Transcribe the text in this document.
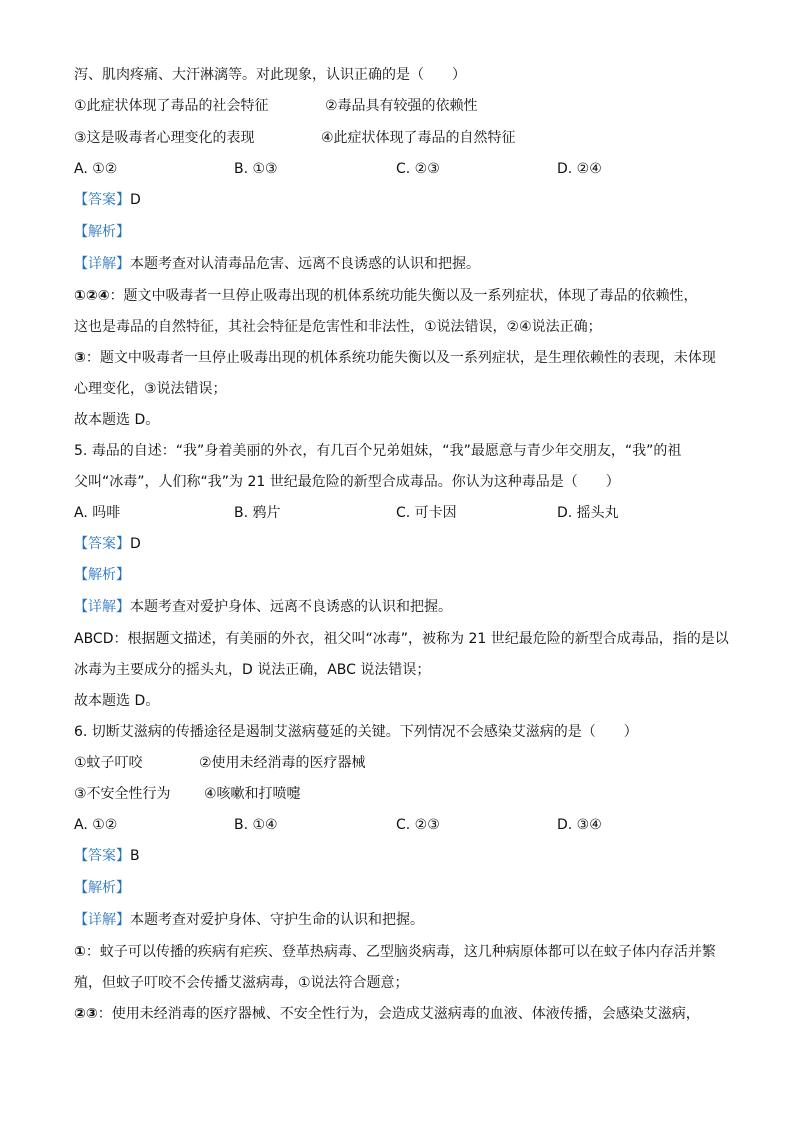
泻、肌肉疼痛、大汗淋漓等。对此现象，认识正确的是（　　）
①此症状体现了毒品的社会特征	②毒品具有较强的依赖性
③这是吸毒者心理变化的表现	④此症状体现了毒品的自然特征
A. ①②	B. ①③	C. ②③	D. ②④
【答案】D
【解析】
【详解】本题考查对认清毒品危害、远离不良诱惑的认识和把握。
①②④：题文中吸毒者一旦停止吸毒出现的机体系统功能失衡以及一系列症状，体现了毒品的依赖性，
这也是毒品的自然特征，其社会特征是危害性和非法性，①说法错误，②④说法正确；
③：题文中吸毒者一旦停止吸毒出现的机体系统功能失衡以及一系列症状，是生理依赖性的表现，未体现
心理变化，③说法错误；
故本题选 D。
5. 毒品的自述：“我”身着美丽的外衣，有几百个兄弟姐妹，“我”最愿意与青少年交朋友，“我”的祖
父叫“冰毒”，人们称“我”为 21 世纪最危险的新型合成毒品。你认为这种毒品是（　　）
A. 吗啡	B. 鸦片	C. 可卡因	D. 摇头丸
【答案】D
【解析】
【详解】本题考查对爱护身体、远离不良诱惑的认识和把握。
ABCD：根据题文描述，有美丽的外衣，祖父叫“冰毒”，被称为 21 世纪最危险的新型合成毒品，指的是以
冰毒为主要成分的摇头丸，D 说法正确，ABC 说法错误；
故本题选 D。
6. 切断艾滋病的传播途径是遏制艾滋病蔓延的关键。下列情况不会感染艾滋病的是（　　）
①蚊子叮咬	②使用未经消毒的医疗器械
③不安全性行为 ④咳嗽和打喷嚏
A. ①②	B. ①④	C. ②③	D. ③④
【答案】B
【解析】
【详解】本题考查对爱护身体、守护生命的认识和把握。
①：蚊子可以传播的疾病有疟疾、登革热病毒、乙型脑炎病毒，这几种病原体都可以在蚊子体内存活并繁
殖，但蚊子叮咬不会传播艾滋病毒，①说法符合题意；
②③：使用未经消毒的医疗器械、不安全性行为，会造成艾滋病毒的血液、体液传播，会感染艾滋病，
